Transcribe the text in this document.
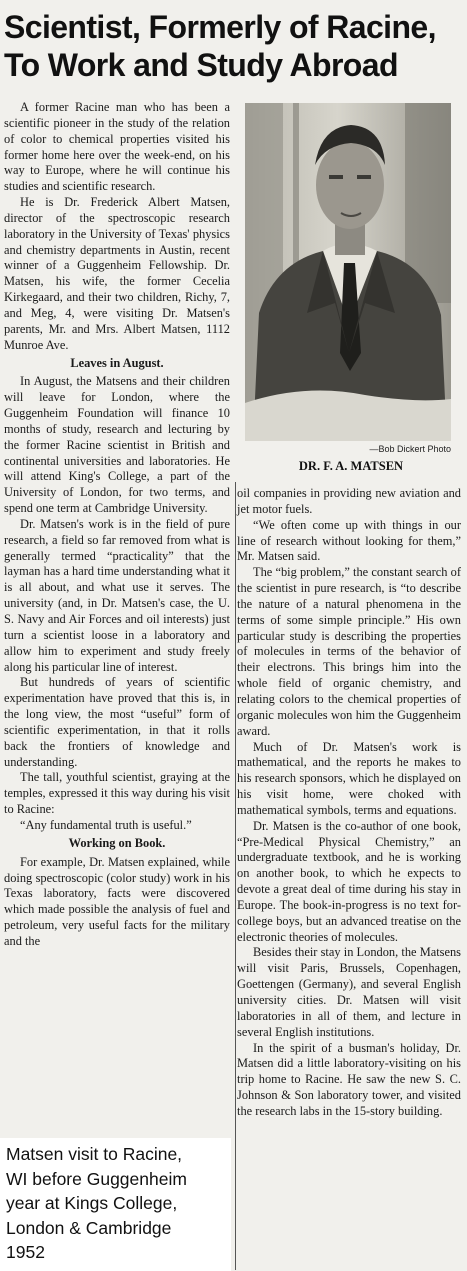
Scientist, Formerly of Racine,
To Work and Study Abroad

A former Racine man who has been a scientific pioneer in the study of the relation of color to chemical properties visited his former home here over the week-end, on his way to Europe, where he will continue his studies and scientific research.

He is Dr. Frederick Albert Matsen, director of the spectroscopic research laboratory in the University of Texas' physics and chemistry departments in Austin, recent winner of a Guggenheim Fellowship. Dr. Matsen, his wife, the former Cecelia Kirkegaard, and their two children, Richy, 7, and Meg, 4, were visiting Dr. Matsen's parents, Mr. and Mrs. Albert Matsen, 1112 Munroe Ave.

Leaves in August.

In August, the Matsens and their children will leave for London, where the Guggenheim Foundation will finance 10 months of study, research and lecturing by the former Racine scientist in British and continental universities and laboratories. He will attend King's College, a part of the University of London, for two terms, and spend one term at Cambridge University.

Dr. Matsen's work is in the field of pure research, a field so far removed from what is generally termed “practicality” that the layman has a hard time understanding what it is all about, and what use it serves. The university (and, in Dr. Matsen's case, the U. S. Navy and Air Forces and oil interests) just turn a scientist loose in a laboratory and allow him to experiment and study freely along his particular line of interest.

But hundreds of years of scientific experimentation have proved that this is, in the long view, the most “useful” form of scientific experimentation, in that it rolls back the frontiers of knowledge and understanding.

The tall, youthful scientist, graying at the temples, expressed it this way during his visit to Racine:

“Any fundamental truth is useful.”

Working on Book.

For example, Dr. Matsen explained, while doing spectroscopic (color study) work in his Texas laboratory, facts were discovered which made possible the analysis of fuel and petroleum, very useful facts for the military and the

—Bob Dickert Photo
DR. F. A. MATSEN

oil companies in providing new aviation and jet motor fuels.

“We often come up with things in our line of research without looking for them,” Mr. Matsen said.

The “big problem,” the constant search of the scientist in pure research, is “to describe the nature of a natural phenomena in the terms of some simple principle.” His own particular study is describing the properties of molecules in terms of the behavior of their electrons. This brings him into the whole field of organic chemistry, and relating colors to the chemical properties of organic molecules won him the Guggenheim award.

Much of Dr. Matsen's work is mathematical, and the reports he makes to his research sponsors, which he displayed on his visit home, were choked with mathematical symbols, terms and equations.

Dr. Matsen is the co-author of one book, “Pre-Medical Physical Chemistry,” an undergraduate textbook, and he is working on another book, to which he expects to devote a great deal of time during his stay in Europe. The book-in-progress is no text for-college boys, but an advanced treatise on the electronic theories of molecules.

Besides their stay in London, the Matsens will visit Paris, Brussels, Copenhagen, Goettengen (Germany), and several English university cities. Dr. Matsen will visit laboratories in all of them, and lecture in several English institutions.

In the spirit of a busman's holiday, Dr. Matsen did a little laboratory-visiting on his trip home to Racine. He saw the new S. C. Johnson & Son laboratory tower, and visited the research labs in the 15-story building.

Matsen visit to Racine,
WI before Guggenheim
year at Kings College,
London & Cambridge
1952
